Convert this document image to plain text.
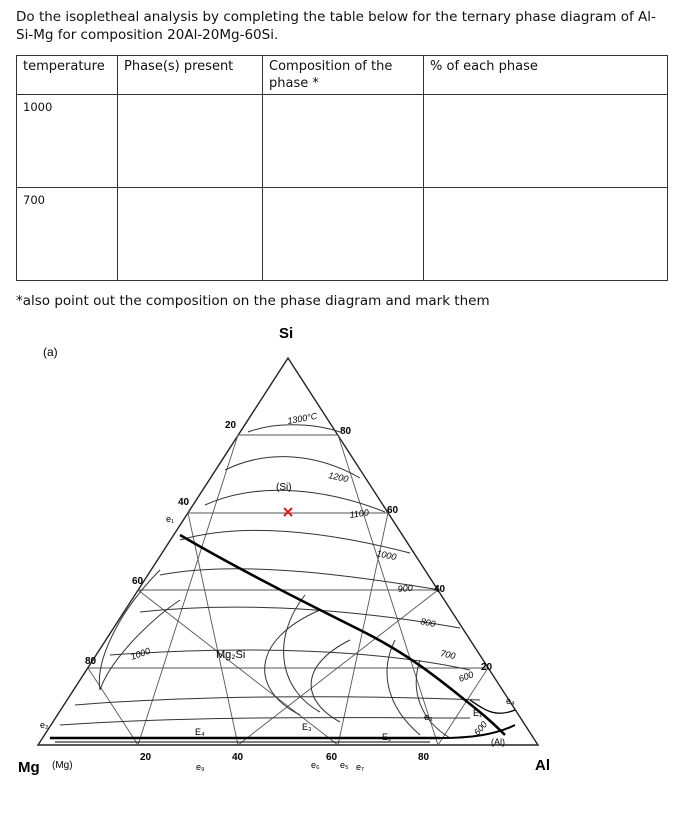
Do the isopletheal analysis by completing the table below for the ternary phase diagram of Al-Si-Mg for composition 20Al-20Mg-60Si.
temperature	Phase(s) present	Composition of the phase *	% of each phase
1000			
700			
*also point out the composition on the phase diagram and mark them
(a)
Si
Mg (Mg)	Al
20
40
60
80
80
60
40
20
20	40	60	80
1300°C
1200
1100
1000
900
800
700
600
600
1000
(Si)
Mg₂Si
(Al)
e₁
e₂
e₃
e₄
E₁
E₂
E₃
E₄
e₅
e₆	e₇
e₉
